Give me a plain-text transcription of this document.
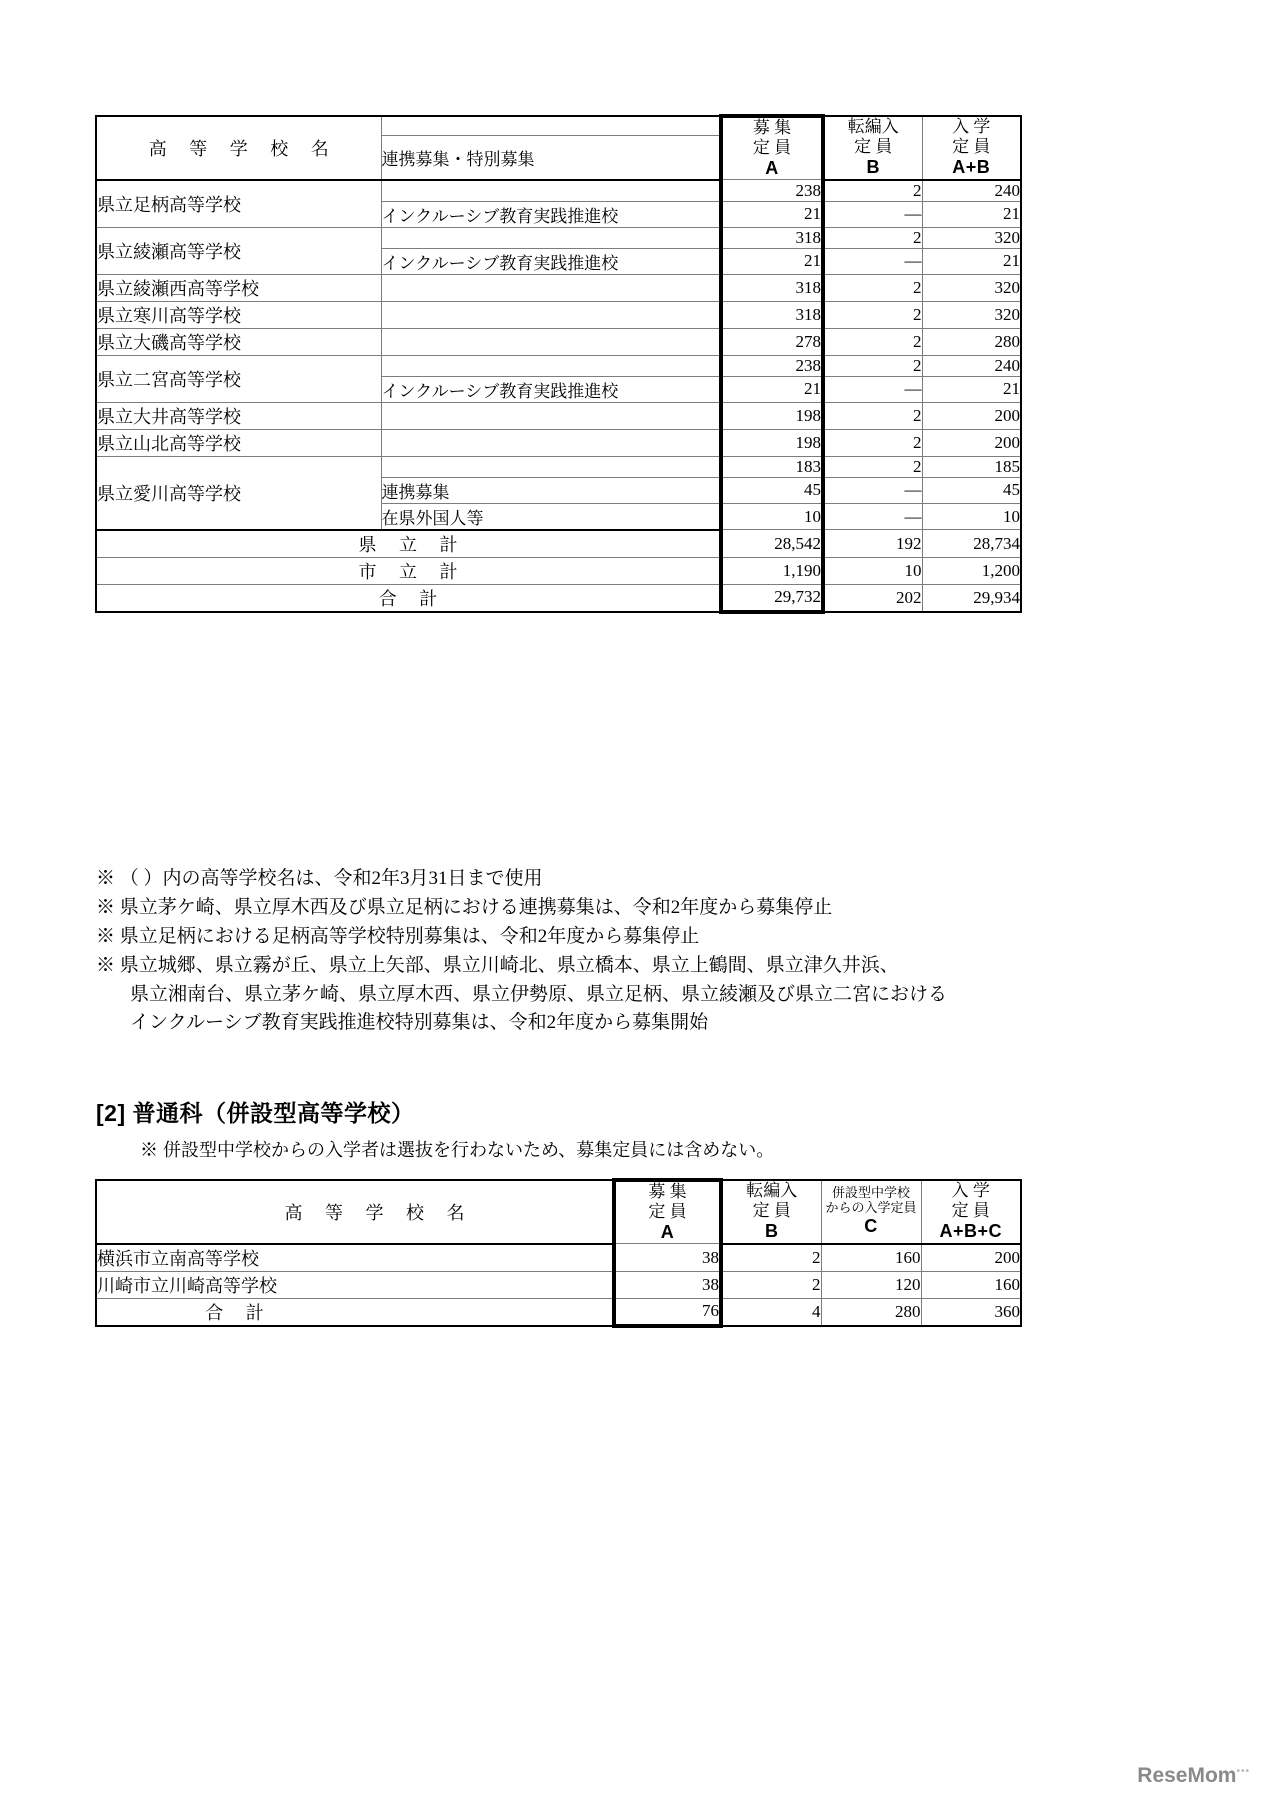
高 等 学 校 名		募 集
定 員
A	転編入
定 員
B	入 学
定 員
A+B
	連携募集・特別募集			
県立足柄高等学校		238	2	240
	インクルーシブ教育実践推進校	21	—	21
県立綾瀬高等学校		318	2	320
	インクルーシブ教育実践推進校	21	—	21
県立綾瀬西高等学校		318	2	320
県立寒川高等学校		318	2	320
県立大磯高等学校		278	2	280
県立二宮高等学校		238	2	240
	インクルーシブ教育実践推進校	21	—	21
県立大井高等学校		198	2	200
県立山北高等学校		198	2	200
県立愛川高等学校		183	2	185
	連携募集	45	—	45
	在県外国人等	10	—	10
県 立 計		28,542	192	28,734
市 立 計		1,190	10	1,200
合 計		29,732	202	29,934
※ （ ）内の高等学校名は、令和2年3月31日まで使用
※ 県立茅ケ崎、県立厚木西及び県立足柄における連携募集は、令和2年度から募集停止
※ 県立足柄における足柄高等学校特別募集は、令和2年度から募集停止
※ 県立城郷、県立霧が丘、県立上矢部、県立川崎北、県立橋本、県立上鶴間、県立津久井浜、
県立湘南台、県立茅ケ崎、県立厚木西、県立伊勢原、県立足柄、県立綾瀬及び県立二宮における
インクルーシブ教育実践推進校特別募集は、令和2年度から募集開始
[2] 普通科（併設型高等学校）
※ 併設型中学校からの入学者は選抜を行わないため、募集定員には含めない。
高 等 学 校 名	募 集
定 員
A	転編入
定 員
B	併設型中学校
からの入学定員
C	入 学
定 員
A+B+C
横浜市立南高等学校	38	2	160	200
川崎市立川崎高等学校	38	2	120	160
合 計	76	4	280	360
ReseMom•••
